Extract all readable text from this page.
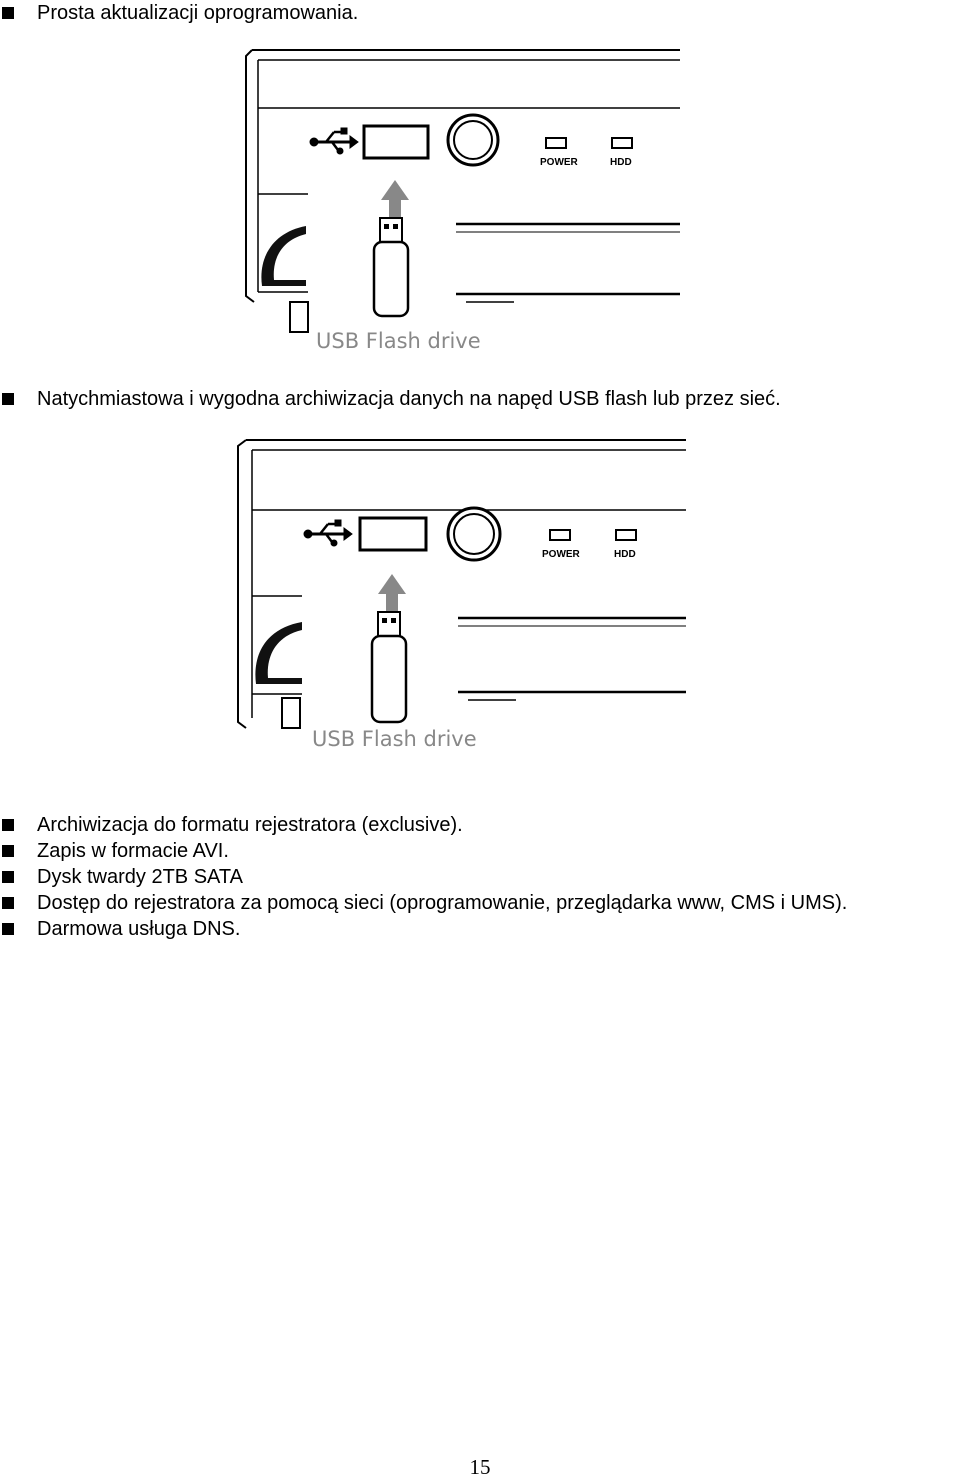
Prosta aktualizacji oprogramowania.
POWER	HDD
USB Flash drive
Natychmiastowa i wygodna archiwizacja danych na napęd USB flash lub przez sieć.
POWER	HDD
USB Flash drive
Archiwizacja do formatu rejestratora (exclusive).
Zapis w formacie AVI.
Dysk twardy 2TB SATA
Dostęp do rejestratora za pomocą sieci (oprogramowanie, przeglądarka www, CMS i UMS).
Darmowa usługa DNS.
15
